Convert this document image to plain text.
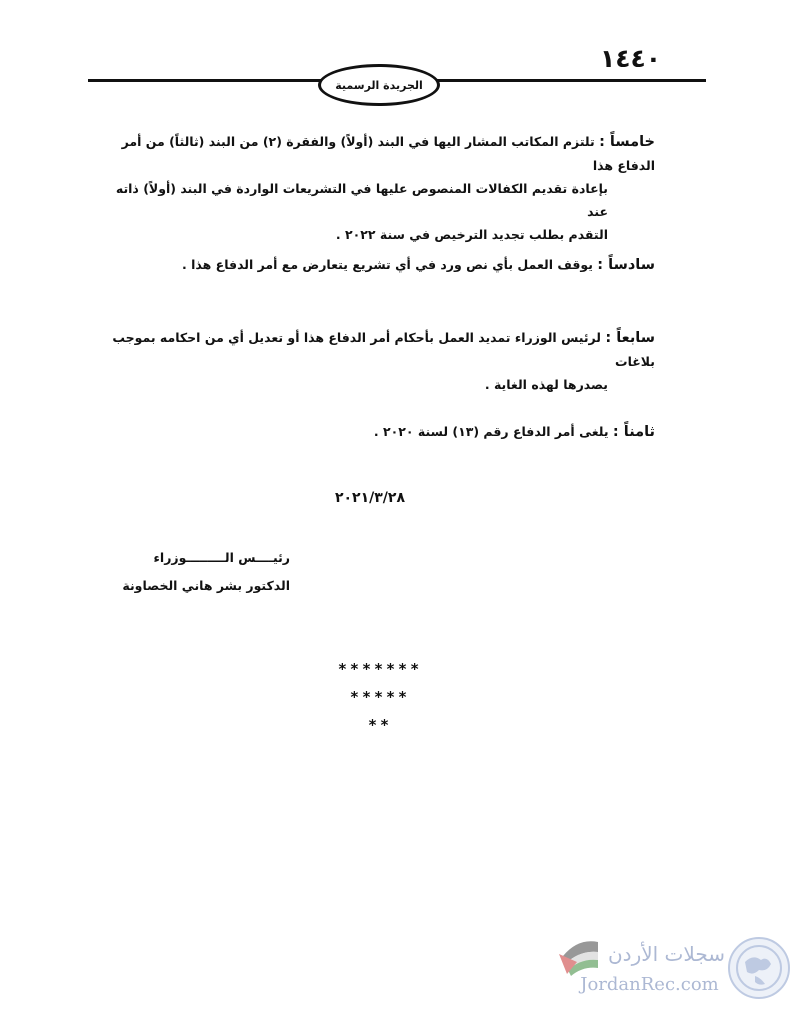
١٤٤٠
الجريدة الرسمية
خامساً : تلتزم المكاتب المشار اليها في البند (أولاً) والفقرة (٢) من البند (ثالثاً) من أمر الدفاع هذا
بإعادة تقديم الكفالات المنصوص عليها في التشريعات الواردة في البند (أولاً) ذاته عند
التقدم بطلب تجديد الترخيص في سنة ٢٠٢٢ .
سادساً : يوقف العمل بأي نص ورد في أي تشريع يتعارض مع أمر الدفاع هذا .
سابعاً : لرئيس الوزراء تمديد العمل بأحكام أمر الدفاع هذا أو تعديل أي من احكامه بموجب بلاغات
يصدرها لهذه الغاية .
ثامناً : يلغى أمر الدفاع رقم (١٣) لسنة ٢٠٢٠ .
٢٠٢١/٣/٢٨
رئيــــس الـــــــــوزراء
الدكتور بشر هاني الخصاونة
*******
*****
**
سجلات الأردن
JordanRec.com
